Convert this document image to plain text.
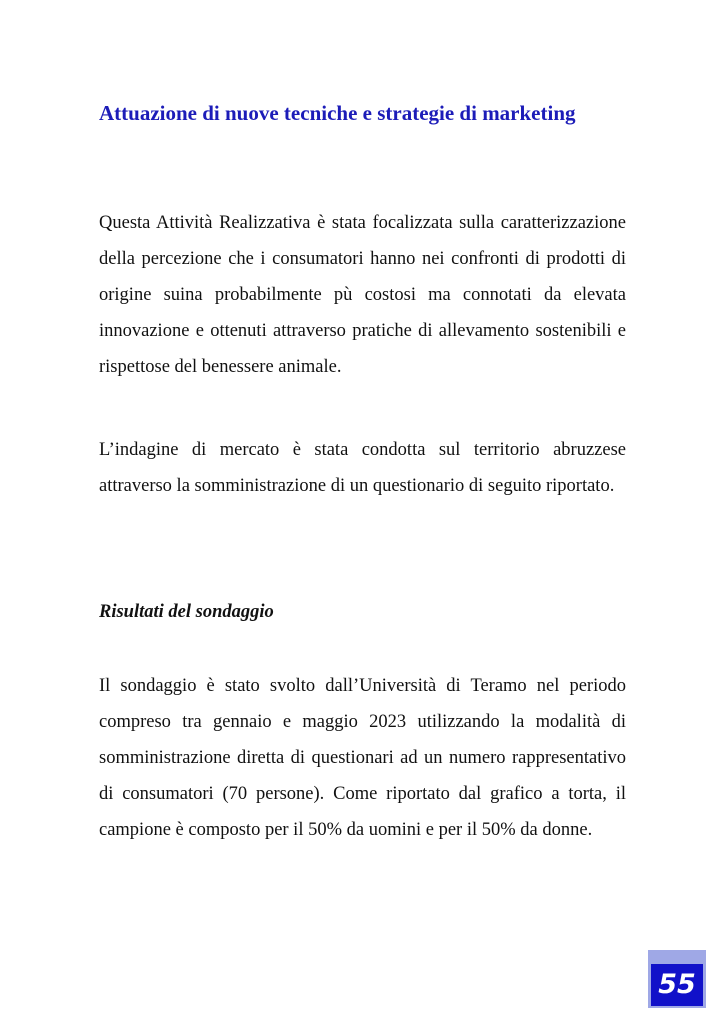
Attuazione di nuove tecniche e strategie di marketing

Questa Attività Realizzativa è stata focalizzata sulla caratterizzazione della percezione che i consumatori hanno nei confronti di prodotti di origine suina probabilmente pù costosi ma connotati da elevata innovazione e ottenuti attraverso pratiche di allevamento sostenibili e rispettose del benessere animale.

L’indagine di mercato è stata condotta sul territorio abruzzese attraverso la somministrazione di un questionario di seguito riportato.

Risultati del sondaggio

Il sondaggio è stato svolto dall’Università di Teramo nel periodo compreso tra gennaio e maggio 2023 utilizzando la modalità di somministrazione diretta di questionari ad un numero rappresentativo di consumatori (70 persone). Come riportato dal grafico a torta, il campione è composto per il 50% da uomini e per il 50% da donne.

55
